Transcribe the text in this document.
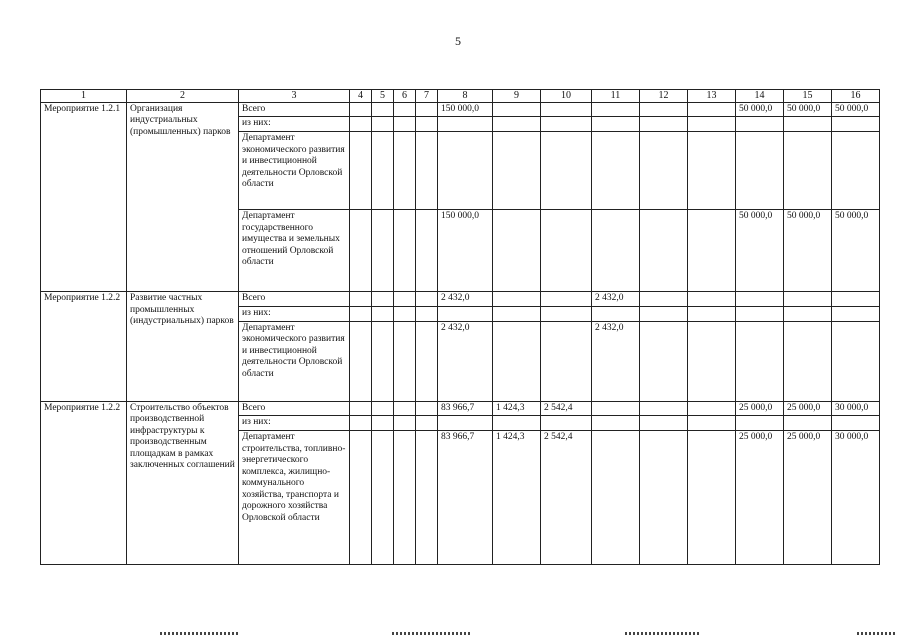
5
1	2	3	4	5	6	7	8	9	10	11	12	13	14	15	16
Мероприятие 1.2.1	Организация индустриальных (промышленных) парков	Всего					150 000,0						50 000,0	50 000,0	50 000,0
		из них:													
		Департамент экономического развития и инвестиционной деятельности Орловской области													
		Департамент государственного имущества и земельных отношений Орловской области					150 000,0						50 000,0	50 000,0	50 000,0
Мероприятие 1.2.2	Развитие частных промышленных (индустриальных) парков	Всего					2 432,0			2 432,0					
		из них:													
		Департамент экономического развития и инвестиционной деятельности Орловской области					2 432,0			2 432,0					
Мероприятие 1.2.2	Строительство объектов производственной инфраструктуры к производственным площадкам в рамках заключенных соглашений	Всего					83 966,7	1 424,3	2 542,4				25 000,0	25 000,0	30 000,0
		из них:													
		Департамент строительства, топливно-энергетического комплекса, жилищно-коммунального хозяйства, транспорта и дорожного хозяйства Орловской области					83 966,7	1 424,3	2 542,4				25 000,0	25 000,0	30 000,0
